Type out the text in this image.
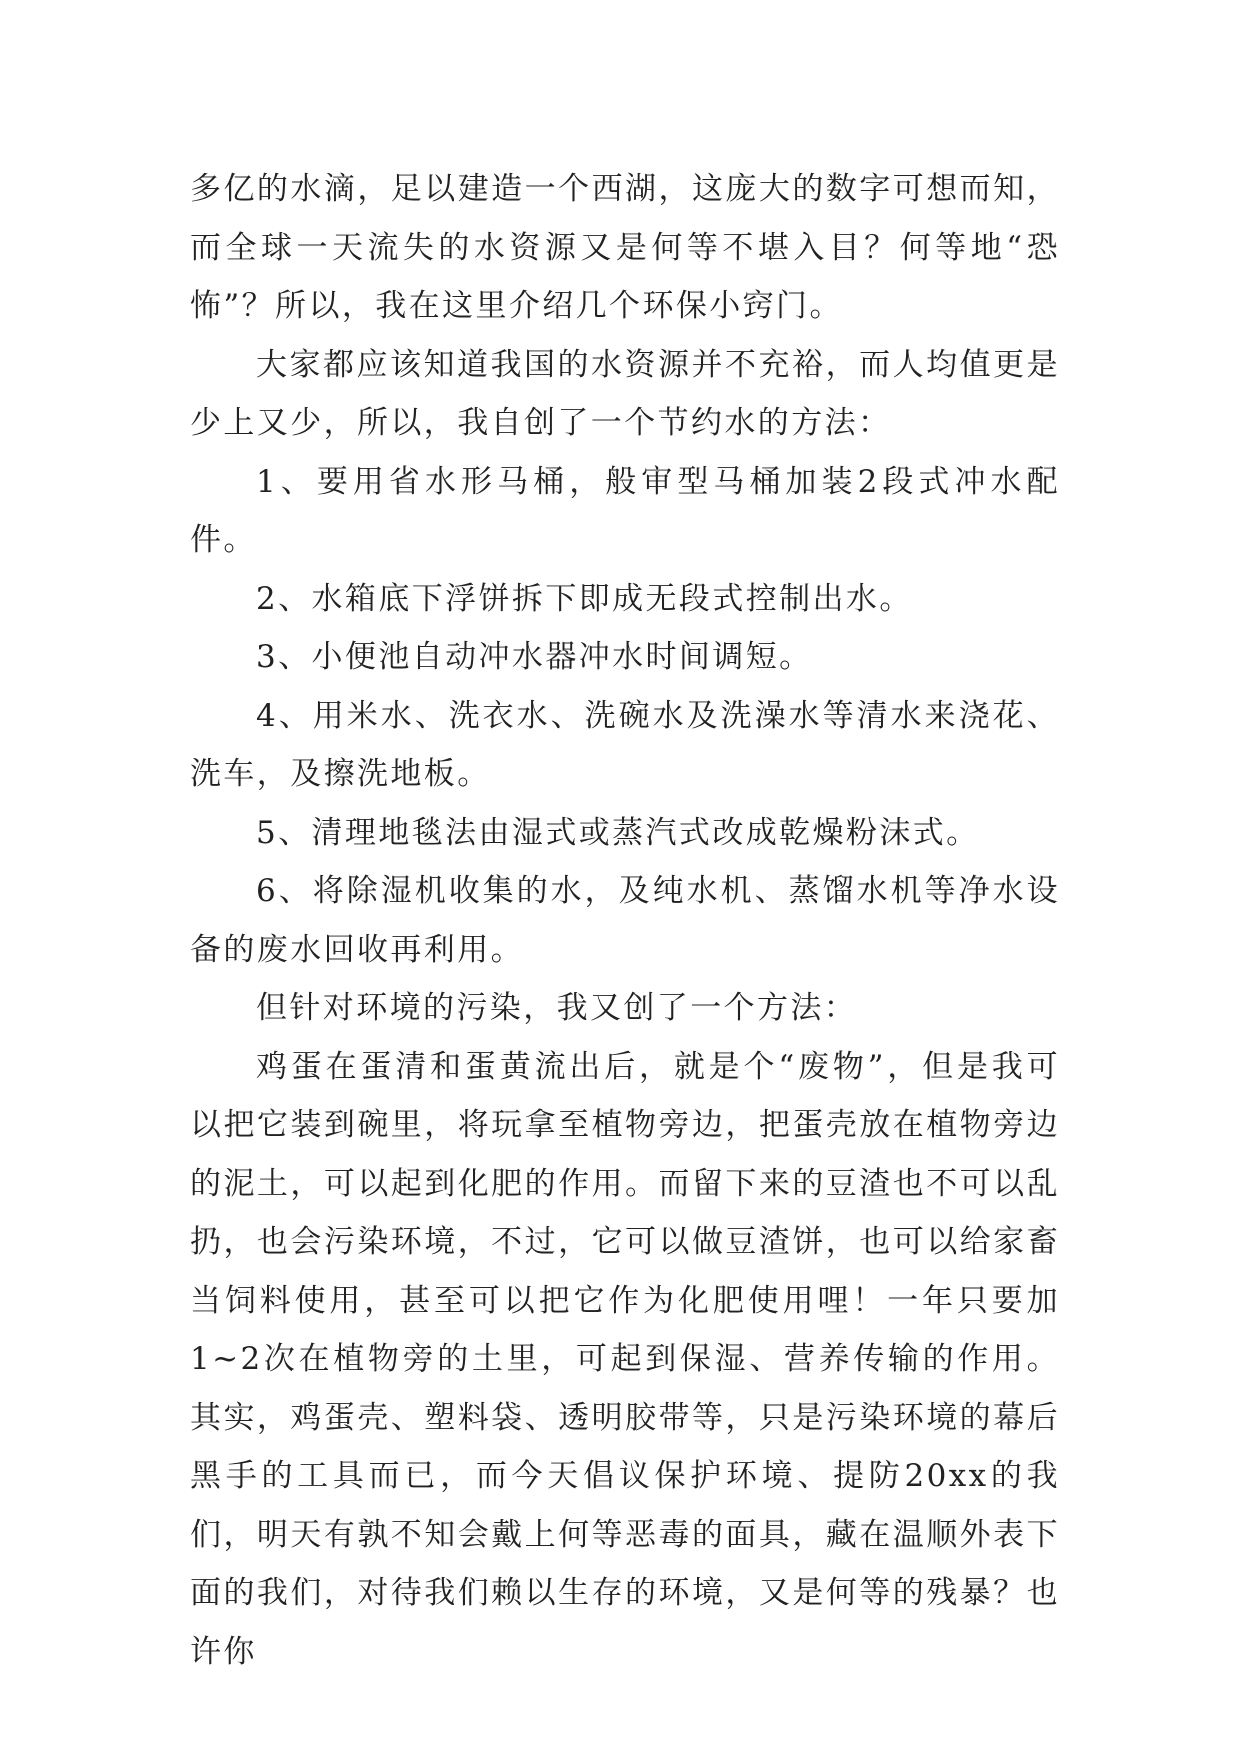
多亿的水滴，足以建造一个西湖，这庞大的数字可想而知，而全球一天流失的水资源又是何等不堪入目？何等地“恐怖”？所以，我在这里介绍几个环保小窍门。

大家都应该知道我国的水资源并不充裕，而人均值更是少上又少，所以，我自创了一个节约水的方法：

1、要用省水形马桶，般审型马桶加装2段式冲水配件。

2、水箱底下浮饼拆下即成无段式控制出水。

3、小便池自动冲水器冲水时间调短。

4、用米水、洗衣水、洗碗水及洗澡水等清水来浇花、洗车，及擦洗地板。

5、清理地毯法由湿式或蒸汽式改成乾燥粉沫式。

6、将除湿机收集的水，及纯水机、蒸馏水机等净水设备的废水回收再利用。

但针对环境的污染，我又创了一个方法：

鸡蛋在蛋清和蛋黄流出后，就是个“废物”，但是我可以把它装到碗里，将玩拿至植物旁边，把蛋壳放在植物旁边的泥土，可以起到化肥的作用。而留下来的豆渣也不可以乱扔，也会污染环境，不过，它可以做豆渣饼，也可以给家畜当饲料使用，甚至可以把它作为化肥使用哩！一年只要加1~2次在植物旁的土里，可起到保湿、营养传输的作用。其实，鸡蛋壳、塑料袋、透明胶带等，只是污染环境的幕后黑手的工具而已，而今天倡议保护环境、提防20xx的我们，明天有孰不知会戴上何等恶毒的面具，藏在温顺外表下面的我们，对待我们赖以生存的环境，又是何等的残暴？也许你
